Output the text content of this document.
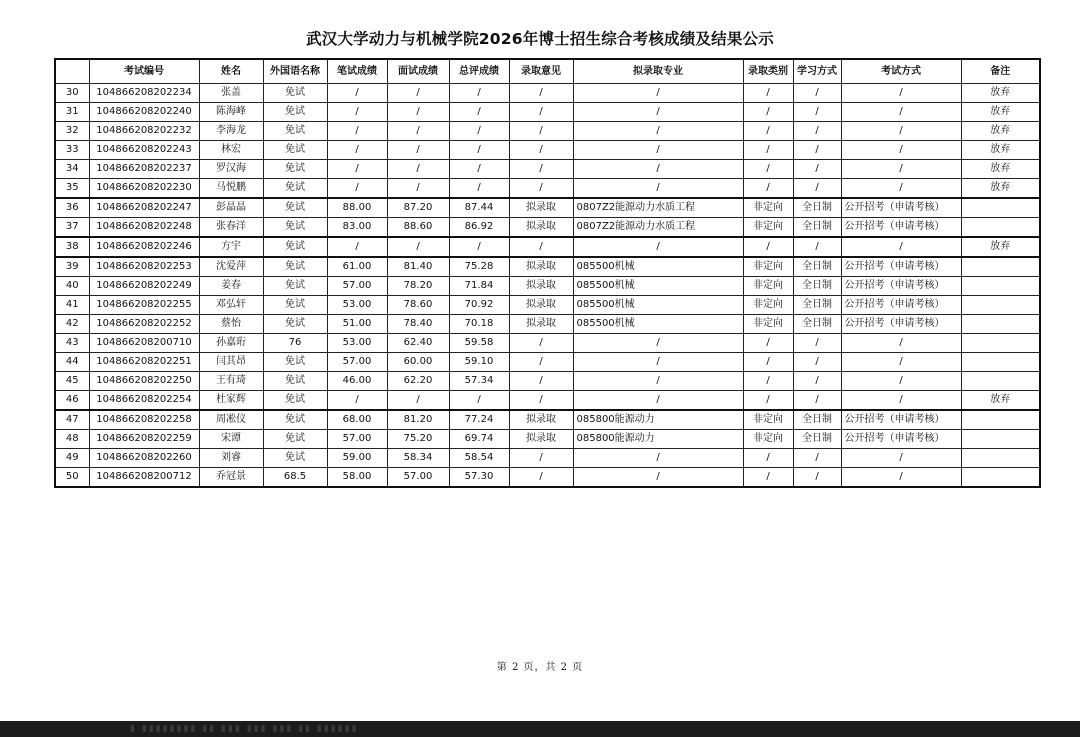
武汉大学动力与机械学院2026年博士招生综合考核成绩及结果公示
	考试编号	姓名	外国语名称	笔试成绩	面试成绩	总评成绩	录取意见	拟录取专业	录取类别	学习方式	考试方式	备注
30	104866208202234	张盖	免试	/	/	/	/	/	/	/	/	放弃
31	104866208202240	陈海峰	免试	/	/	/	/	/	/	/	/	放弃
32	104866208202232	李海龙	免试	/	/	/	/	/	/	/	/	放弃
33	104866208202243	林宏	免试	/	/	/	/	/	/	/	/	放弃
34	104866208202237	罗汉海	免试	/	/	/	/	/	/	/	/	放弃
35	104866208202230	马悦鹏	免试	/	/	/	/	/	/	/	/	放弃
36	104866208202247	彭晶晶	免试	88.00	87.20	87.44	拟录取	0807Z2能源动力水质工程	非定向	全日制	公开招考（申请考核）	
37	104866208202248	张春洋	免试	83.00	88.60	86.92	拟录取	0807Z2能源动力水质工程	非定向	全日制	公开招考（申请考核）	
38	104866208202246	方宇	免试	/	/	/	/	/	/	/	/	放弃
39	104866208202253	沈爱萍	免试	61.00	81.40	75.28	拟录取	085500机械	非定向	全日制	公开招考（申请考核）	
40	104866208202249	姜春	免试	57.00	78.20	71.84	拟录取	085500机械	非定向	全日制	公开招考（申请考核）	
41	104866208202255	邓弘轩	免试	53.00	78.60	70.92	拟录取	085500机械	非定向	全日制	公开招考（申请考核）	
42	104866208202252	蔡怡	免试	51.00	78.40	70.18	拟录取	085500机械	非定向	全日制	公开招考（申请考核）	
43	104866208200710	孙嘉珩	76	53.00	62.40	59.58	/	/	/	/	/	
44	104866208202251	闫其昂	免试	57.00	60.00	59.10	/	/	/	/	/	
45	104866208202250	王有琦	免试	46.00	62.20	57.34	/	/	/	/	/	
46	104866208202254	杜家辉	免试	/	/	/	/	/	/	/	/	放弃
47	104866208202258	周凇仪	免试	68.00	81.20	77.24	拟录取	085800能源动力	非定向	全日制	公开招考（申请考核）	
48	104866208202259	宋谭	免试	57.00	75.20	69.74	拟录取	085800能源动力	非定向	全日制	公开招考（申请考核）	
49	104866208202260	刘睿	免试	59.00	58.34	58.54	/	/	/	/	/	
50	104866208200712	乔冠景	68.5	58.00	57.00	57.30	/	/	/	/	/	
第 2 页，共 2 页
▮ ▮▮▮▮▮▮▮▮ ▮▮ ▮▮▮ ▮▮▮ ▮▮▮ ▮▮ ▮▮▮▮▮▮
